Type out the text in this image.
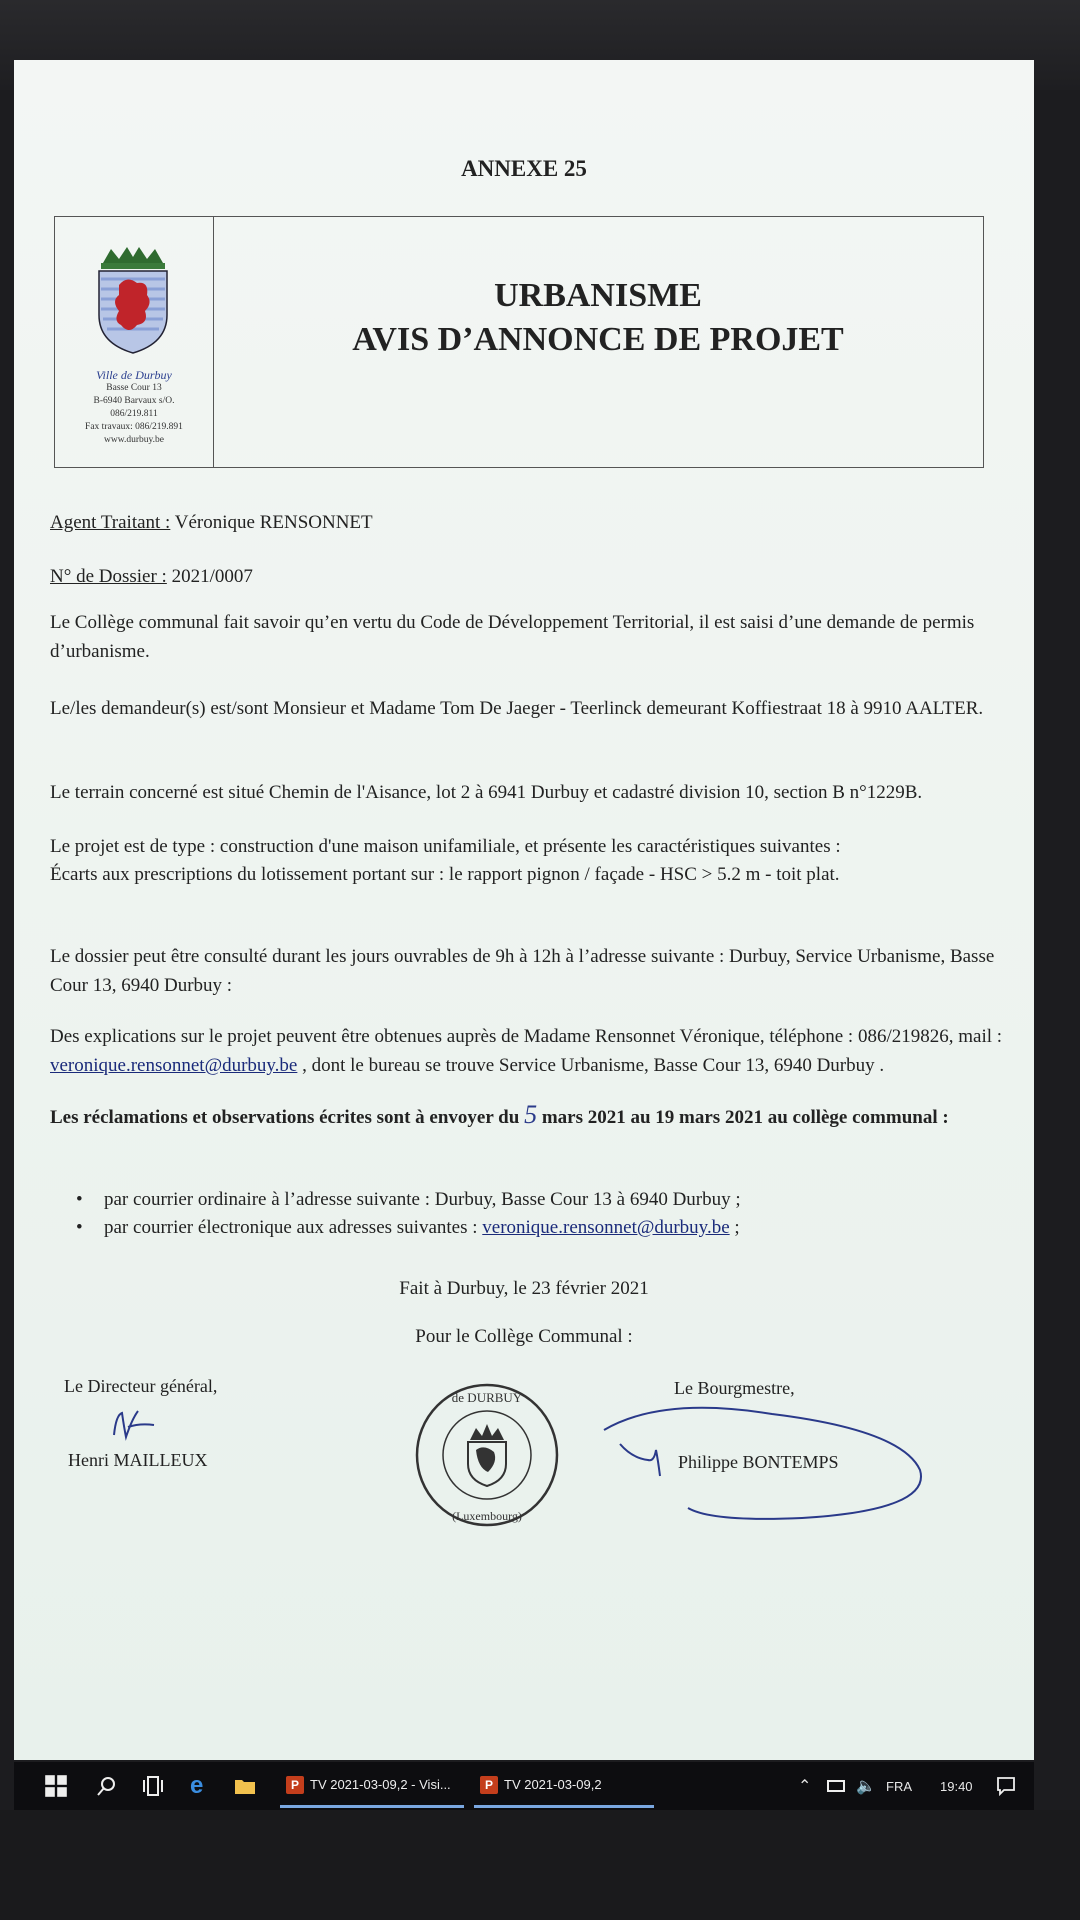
ANNEXE 25
Ville de Durbuy
Basse Cour 13
B-6940 Barvaux s/O.
086/219.811
Fax travaux: 086/219.891
www.durbuy.be
URBANISME
AVIS D’ANNONCE DE PROJET
Agent Traitant : Véronique RENSONNET
N° de Dossier : 2021/0007
Le Collège communal fait savoir qu’en vertu du Code de Développement Territorial, il est saisi d’une demande de permis d’urbanisme.
Le/les demandeur(s) est/sont Monsieur et Madame Tom De Jaeger - Teerlinck demeurant Koffiestraat 18 à 9910 AALTER.
Le terrain concerné est situé Chemin de l'Aisance, lot 2 à 6941 Durbuy et cadastré division 10, section B n°1229B.
Le projet est de type : construction d'une maison unifamiliale, et présente les caractéristiques suivantes :
Écarts aux prescriptions du lotissement portant sur : le rapport pignon / façade - HSC > 5.2 m - toit plat.
Le dossier peut être consulté durant les jours ouvrables de 9h à 12h à l’adresse suivante : Durbuy, Service Urbanisme, Basse Cour 13, 6940 Durbuy :
Des explications sur le projet peuvent être obtenues auprès de Madame Rensonnet Véronique, téléphone : 086/219826, mail : veronique.rensonnet@durbuy.be , dont le bureau se trouve Service Urbanisme, Basse Cour 13, 6940 Durbuy .
Les réclamations et observations écrites sont à envoyer du 5 mars 2021 au 19 mars 2021 au collège communal :
• par courrier ordinaire à l’adresse suivante : Durbuy, Basse Cour 13 à 6940 Durbuy ;
• par courrier électronique aux adresses suivantes : veronique.rensonnet@durbuy.be ;
Fait à Durbuy, le 23 février 2021
Pour le Collège Communal :
Le Directeur général,
Henri MAILLEUX
de DURBUY
(Luxembourg)
Le Bourgmestre,
Philippe BONTEMPS
e	P TV 2021-03-09,2 - Visi...	P TV 2021-03-09,2	⌃	🔈 FRA 19:40
